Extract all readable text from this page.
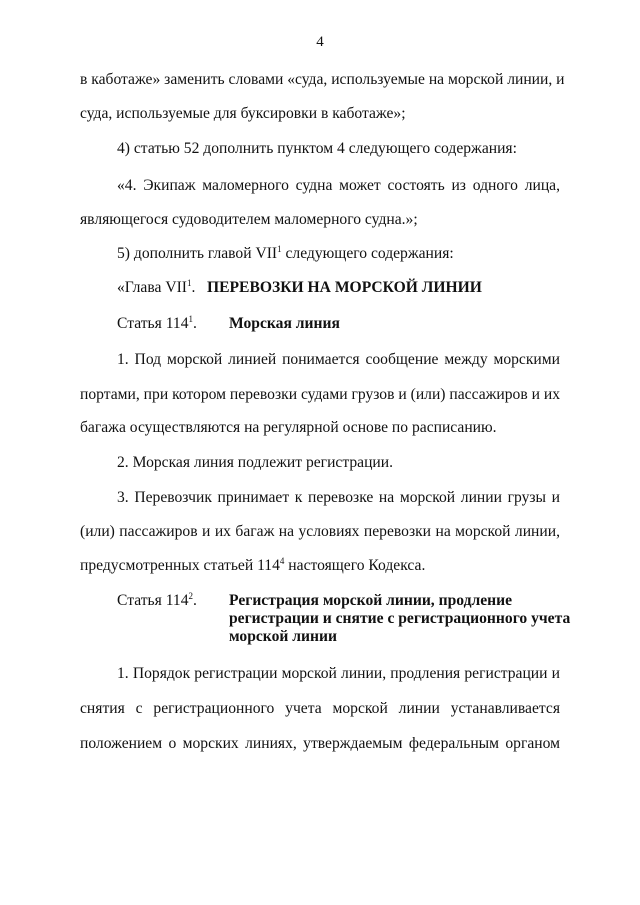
4
в каботаже» заменить словами «суда, используемые на морской линии, и
суда, используемые для буксировки в каботаже»;
4) статью 52 дополнить пунктом 4 следующего содержания:
«4. Экипаж маломерного судна может состоять из одного лица,
являющегося судоводителем маломерного судна.»;
5) дополнить главой VII$^1$ следующего содержания:
«Глава VII$^1$. ПЕРЕВОЗКИ НА МОРСКОЙ ЛИНИИ
Статья $114^1$. Морская линия
1. Под морской линией понимается сообщение между морскими
портами, при котором перевозки судами грузов и (или) пассажиров и их
багажа осуществляются на регулярной основе по расписанию.
2. Морская линия подлежит регистрации.
3. Перевозчик принимает к перевозке на морской линии грузы и
(или) пассажиров и их багаж на условиях перевозки на морской линии,
предусмотренных статьей $114^4$ настоящего Кодекса.
Статья $114^2$. Регистрация морской линии, продление
регистрации и снятие с регистрационного учета
морской линии
1. Порядок регистрации морской линии, продления регистрации и
снятия с регистрационного учета морской линии устанавливается
положением о морских линиях, утверждаемым федеральным органом
